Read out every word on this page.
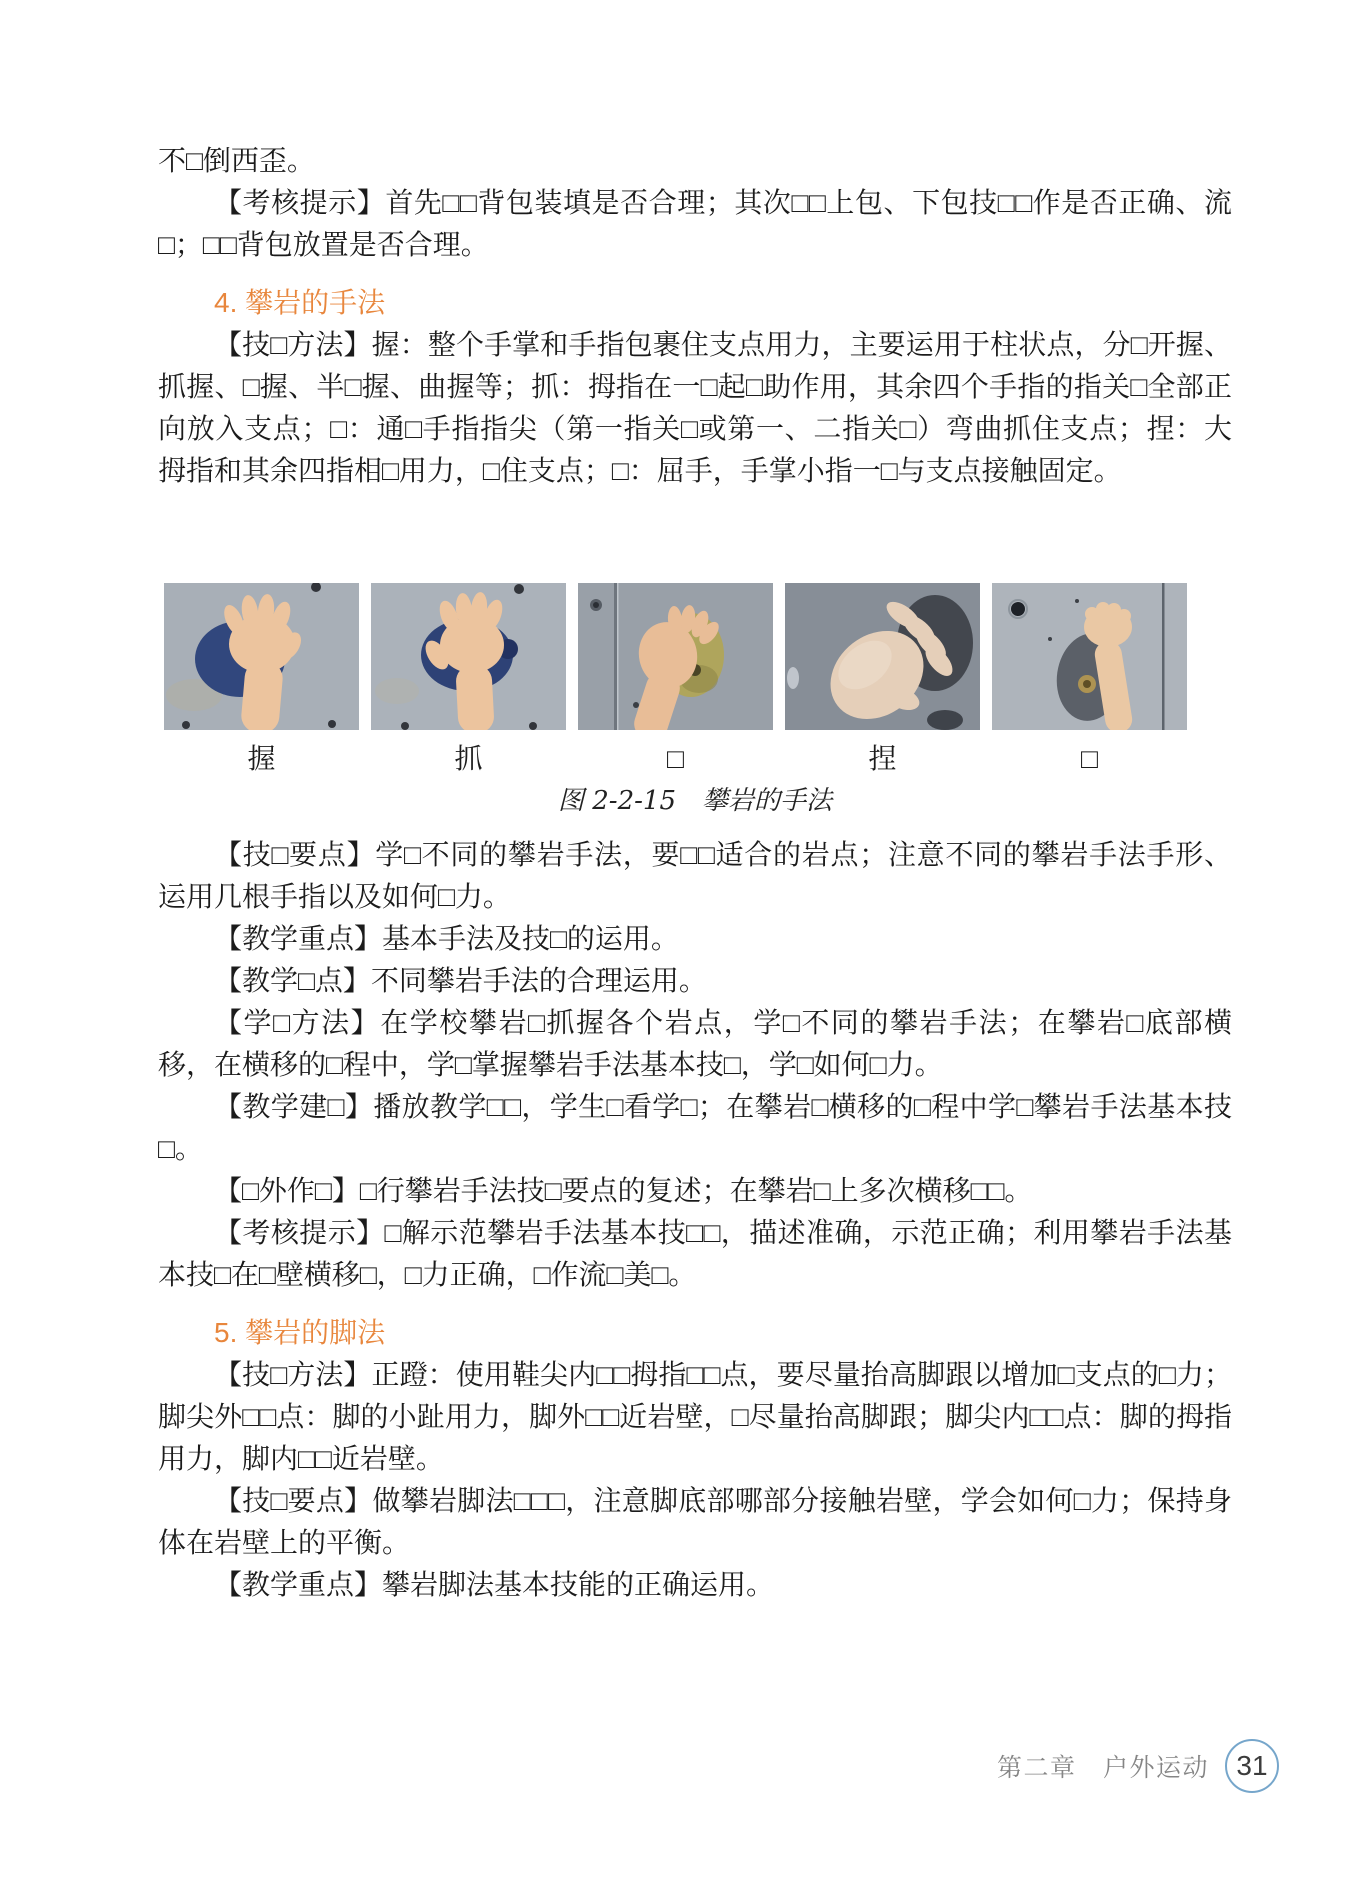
不□倒西歪。

【考核提示】首先□□背包装填是否合理；其次□□上包、下包技□□作是否正确、流□；□□背包放置是否合理。

4. 攀岩的手法

【技□方法】握：整个手掌和手指包裹住支点用力，主要运用于柱状点，分□开握、抓握、□握、半□握、曲握等；抓：拇指在一□起□助作用，其余四个手指的指关□全部正向放入支点；□：通□手指指尖（第一指关□或第一、二指关□）弯曲抓住支点；捏：大拇指和其余四指相□用力，□住支点；□：屈手，手掌小指一□与支点接触固定。

握	抓	□	捏	□
图 2-2-15　攀岩的手法

【技□要点】学□不同的攀岩手法，要□□适合的岩点；注意不同的攀岩手法手形、运用几根手指以及如何□力。

【教学重点】基本手法及技□的运用。

【教学□点】不同攀岩手法的合理运用。

【学□方法】在学校攀岩□抓握各个岩点，学□不同的攀岩手法；在攀岩□底部横移，在横移的□程中，学□掌握攀岩手法基本技□，学□如何□力。

【教学建□】播放教学□□，学生□看学□；在攀岩□横移的□程中学□攀岩手法基本技□。

【□外作□】□行攀岩手法技□要点的复述；在攀岩□上多次横移□□。

【考核提示】□解示范攀岩手法基本技□□，描述准确，示范正确；利用攀岩手法基本技□在□壁横移□，□力正确，□作流□美□。

5. 攀岩的脚法

【技□方法】正蹬：使用鞋尖内□□拇指□□点，要尽量抬高脚跟以增加□支点的□力；脚尖外□□点：脚的小趾用力，脚外□□近岩壁，□尽量抬高脚跟；脚尖内□□点：脚的拇指用力，脚内□□近岩壁。

【技□要点】做攀岩脚法□□□，注意脚底部哪部分接触岩壁，学会如何□力；保持身体在岩壁上的平衡。

【教学重点】攀岩脚法基本技能的正确运用。

第二章　户外运动 31
